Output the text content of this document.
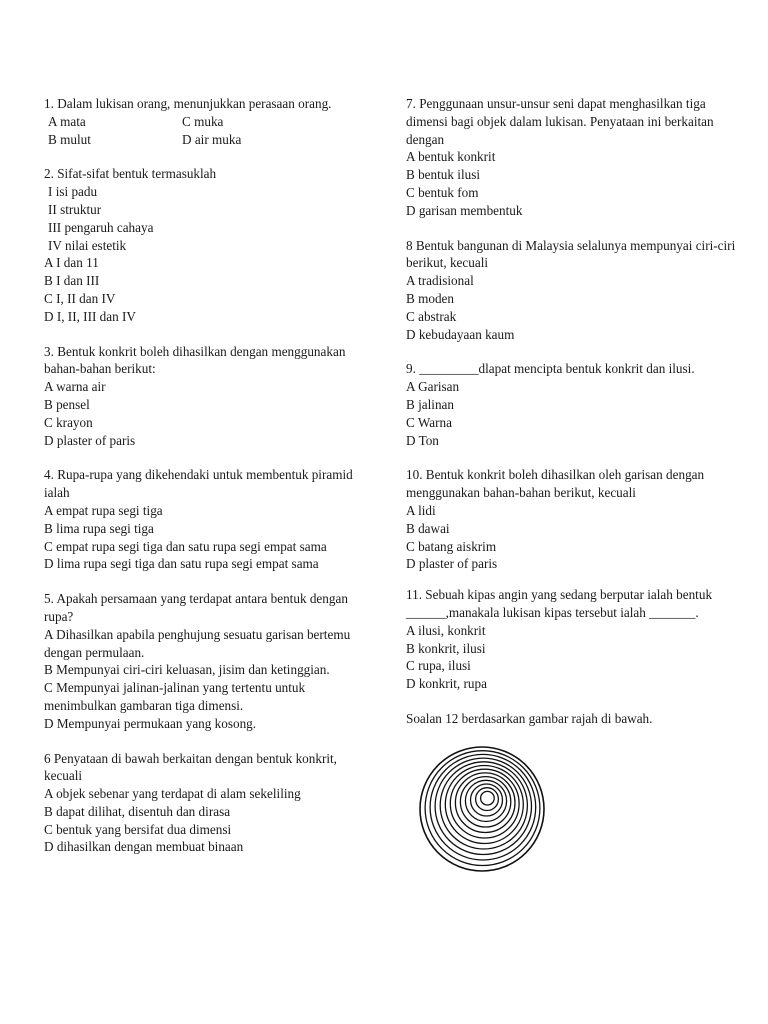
1. Dalam lukisan orang, menunjukkan perasaan orang.
A mata	C muka
B mulut	D air muka
2. Sifat-sifat bentuk termasuklah
I isi padu
II struktur
III pengaruh cahaya
IV nilai estetik
A I dan 11
B I dan III
C I, II dan IV
D I, II, III dan IV
3. Bentuk konkrit boleh dihasilkan dengan menggunakan bahan-bahan berikut:
A warna air
B pensel
C krayon
D plaster of paris
4. Rupa-rupa yang dikehendaki untuk membentuk piramid ialah
A empat rupa segi tiga
B lima rupa segi tiga
C empat rupa segi tiga dan satu rupa segi empat sama
D lima rupa segi tiga dan satu rupa segi empat sama
5. Apakah persamaan yang terdapat antara bentuk dengan rupa?
A Dihasilkan apabila penghujung sesuatu garisan bertemu dengan permulaan.
B Mempunyai ciri-ciri keluasan, jisim dan ketinggian.
C Mempunyai jalinan-jalinan yang tertentu untuk menimbulkan gambaran tiga dimensi.
D Mempunyai permukaan yang kosong.
6 Penyataan di bawah berkaitan dengan bentuk konkrit, kecuali
A objek sebenar yang terdapat di alam sekeliling
B dapat dilihat, disentuh dan dirasa
C bentuk yang bersifat dua dimensi
D dihasilkan dengan membuat binaan
7. Penggunaan unsur-unsur seni dapat menghasilkan tiga dimensi bagi objek dalam lukisan. Penyataan ini berkaitan dengan
A bentuk konkrit
B bentuk ilusi
C bentuk fom
D garisan membentuk
8 Bentuk bangunan di Malaysia selalunya mempunyai ciri-ciri berikut, kecuali
A tradisional
B moden
C abstrak
D kebudayaan kaum
9. _________dlapat mencipta bentuk konkrit dan ilusi.
A Garisan
B jalinan
C Warna
D Ton
10. Bentuk konkrit boleh dihasilkan oleh garisan dengan menggunakan bahan-bahan berikut, kecuali
A lidi
B dawai
C batang aiskrim
D plaster of paris
11. Sebuah kipas angin yang sedang berputar ialah bentuk ______,manakala lukisan kipas tersebut ialah _______.
A ilusi, konkrit
B konkrit, ilusi
C rupa, ilusi
D konkrit, rupa
Soalan 12 berdasarkan gambar rajah di bawah.
